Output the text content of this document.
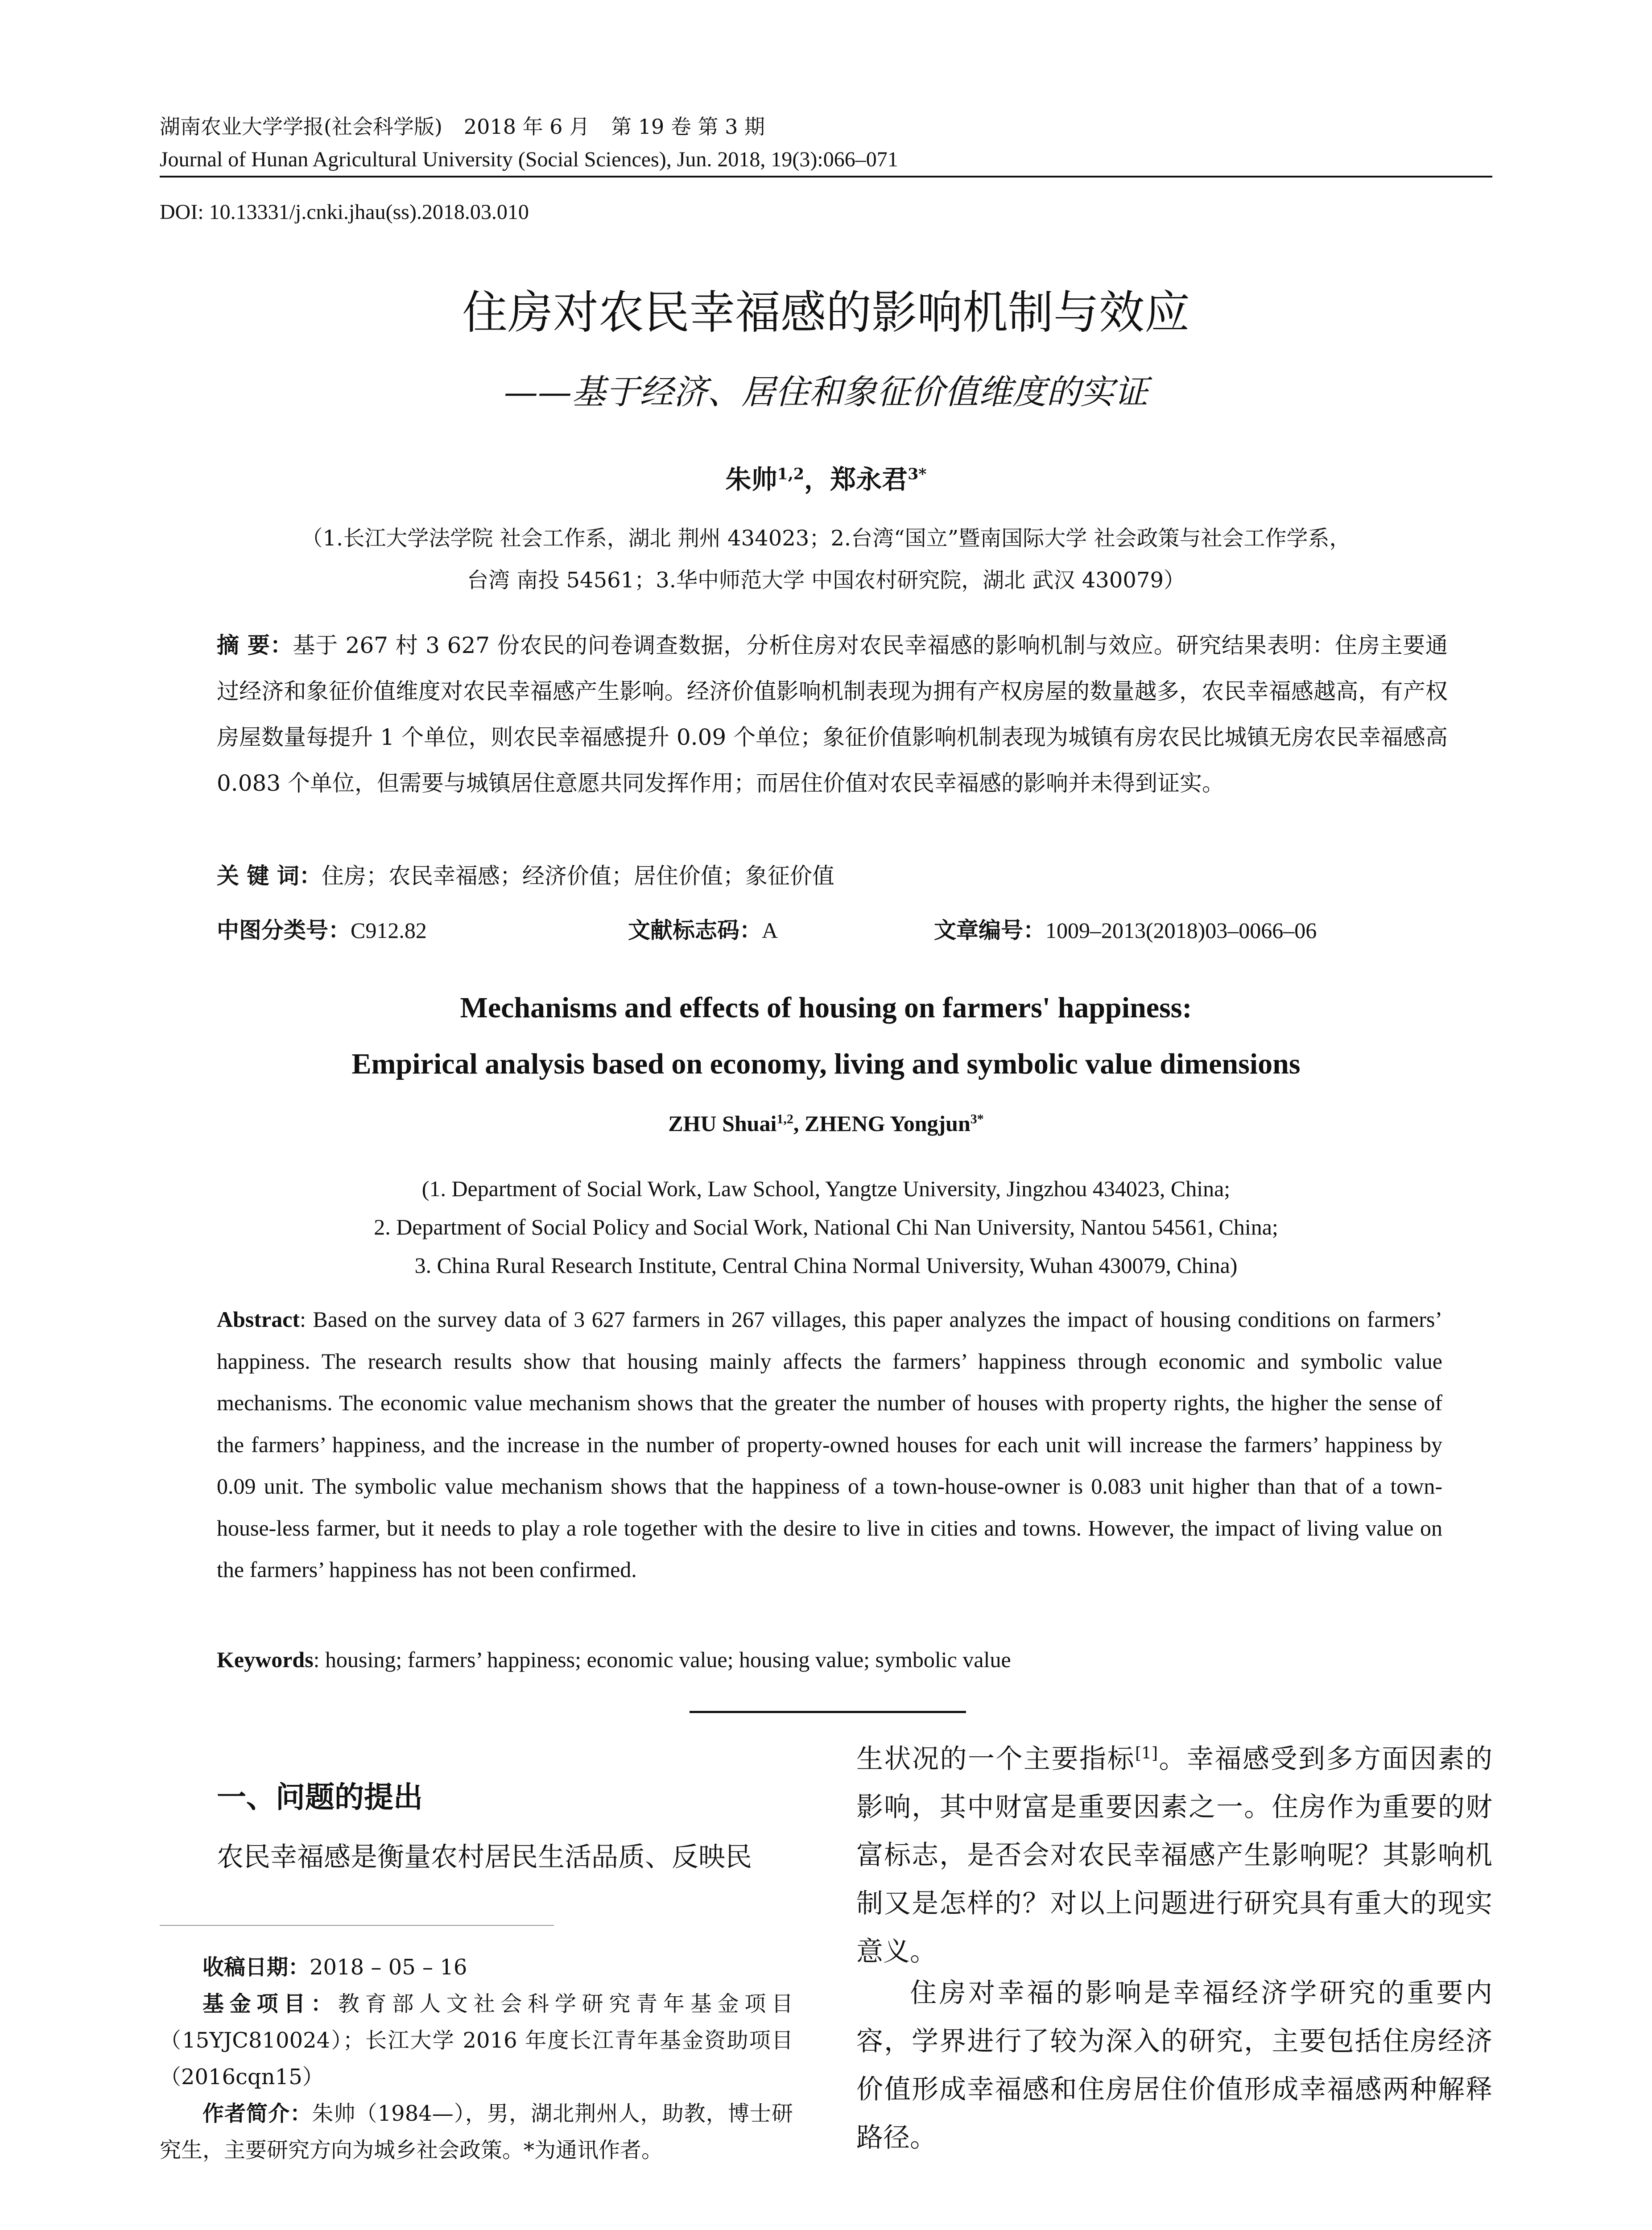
湖南农业大学学报(社会科学版) 2018 年 6 月 第 19 卷 第 3 期
Journal of Hunan Agricultural University (Social Sciences), Jun. 2018, 19(3):066–071
DOI: 10.13331/j.cnki.jhau(ss).2018.03.010
住房对农民幸福感的影响机制与效应
——基于经济、居住和象征价值维度的实证
朱帅$^{1,2}$，郑永君$^{3*}$
（1.长江大学法学院 社会工作系，湖北 荆州 434023；2.台湾“国立”暨南国际大学 社会政策与社会工作学系，
台湾 南投 54561；3.华中师范大学 中国农村研究院，湖北 武汉 430079）
摘 要：基于 267 村 3 627 份农民的问卷调查数据，分析住房对农民幸福感的影响机制与效应。研究结果表明：住房主要通过经济和象征价值维度对农民幸福感产生影响。经济价值影响机制表现为拥有产权房屋的数量越多，农民幸福感越高，有产权房屋数量每提升 1 个单位，则农民幸福感提升 0.09 个单位；象征价值影响机制表现为城镇有房农民比城镇无房农民幸福感高 0.083 个单位，但需要与城镇居住意愿共同发挥作用；而居住价值对农民幸福感的影响并未得到证实。
关 键 词：住房；农民幸福感；经济价值；居住价值；象征价值
中图分类号：C912.82	文献标志码：A	文章编号：1009–2013(2018)03–0066–06
Mechanisms and effects of housing on farmers' happiness:
Empirical analysis based on economy, living and symbolic value dimensions
ZHU Shuai$^{1,2}$, ZHENG Yongjun$^{3*}$
(1. Department of Social Work, Law School, Yangtze University, Jingzhou 434023, China;
2. Department of Social Policy and Social Work, National Chi Nan University, Nantou 54561, China;
3. China Rural Research Institute, Central China Normal University, Wuhan 430079, China)
Abstract: Based on the survey data of 3 627 farmers in 267 villages, this paper analyzes the impact of housing conditions on farmers’ happiness. The research results show that housing mainly affects the farmers’ happiness through economic and symbolic value mechanisms. The economic value mechanism shows that the greater the number of houses with property rights, the higher the sense of the farmers’ happiness, and the increase in the number of property-owned houses for each unit will increase the farmers’ happiness by 0.09 unit. The symbolic value mechanism shows that the happiness of a town-house-owner is 0.083 unit higher than that of a town-house-less farmer, but it needs to play a role together with the desire to live in cities and towns. However, the impact of living value on the farmers’ happiness has not been confirmed.
Keywords: housing; farmers’ happiness; economic value; housing value; symbolic value
一、问题的提出
农民幸福感是衡量农村居民生活品质、反映民
生状况的一个主要指标[1]。幸福感受到多方面因素的影响，其中财富是重要因素之一。住房作为重要的财富标志，是否会对农民幸福感产生影响呢？其影响机制又是怎样的？对以上问题进行研究具有重大的现实意义。
住房对幸福的影响是幸福经济学研究的重要内容，学界进行了较为深入的研究，主要包括住房经济价值形成幸福感和住房居住价值形成幸福感两种解释路径。
收稿日期：2018 – 05 – 16
基金项目：教育部人文社会科学研究青年基金项目（15YJC810024）；长江大学 2016 年度长江青年基金资助项目（2016cqn15）
作者简介：朱帅（1984—），男，湖北荆州人，助教，博士研究生，主要研究方向为城乡社会政策。*为通讯作者。
